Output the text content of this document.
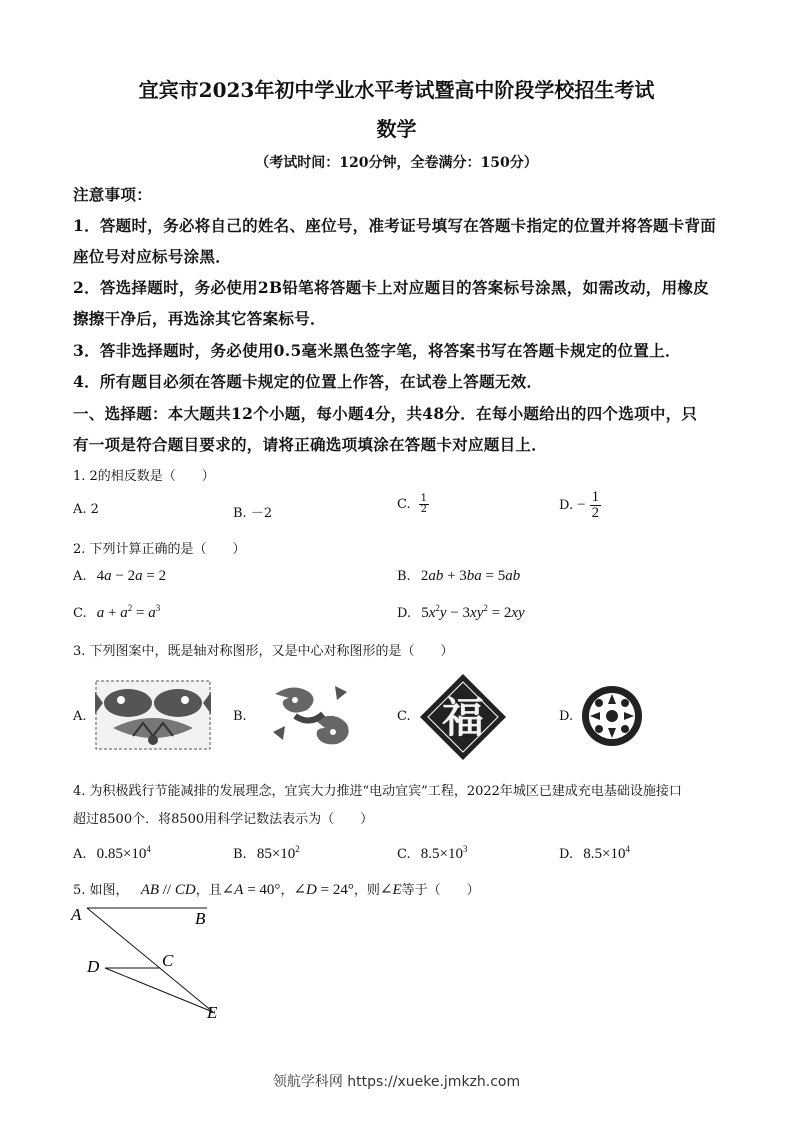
宜宾市2023年初中学业水平考试暨高中阶段学校招生考试
数学
（考试时间：120分钟，全卷满分：150分）
注意事项：
1．答题时，务必将自己的姓名、座位号，准考证号填写在答题卡指定的位置并将答题卡背面
座位号对应标号涂黑．
2．答选择题时，务必使用2B铅笔将答题卡上对应题目的答案标号涂黑，如需改动，用橡皮
擦擦干净后，再选涂其它答案标号．
3．答非选择题时，务必使用0.5毫米黑色签字笔，将答案书写在答题卡规定的位置上．
4．所有题目必须在答题卡规定的位置上作答，在试卷上答题无效．
一、选择题：本大题共12个小题，每小题4分，共48分．在每小题给出的四个选项中，只
有一项是符合题目要求的，请将正确选项填涂在答题卡对应题目上．
1. 2的相反数是（　　）
A. 2	B. －2
C. $\frac{1}{2}$	D. − $\frac{1}{2}$
2. 下列计算正确的是（　　）
A. 4a − 2a = 2	B. 2ab + 3ba = 5ab
C. $a + a^2 = a^3$	D. $5x^2y - 3xy^2 = 2xy$
3. 下列图案中，既是轴对称图形，又是中心对称图形的是（　　）
A.	B.	C. 福	D.
4. 为积极践行节能减排的发展理念，宜宾大力推进“电动宜宾”工程，2022年城区已建成充电基础设施接口
超过8500个．将8500用科学记数法表示为（　　）
A. $0.85\times 10^4$	B. $85\times 10^2$	C. $8.5\times 10^3$	D. $8.5\times 10^4$
5. 如图， AB // CD，且∠A = 40°，∠D = 24°，则∠E等于（　　）
A	B
C
D
E
领航学科网 https://xueke.jmkzh.com
